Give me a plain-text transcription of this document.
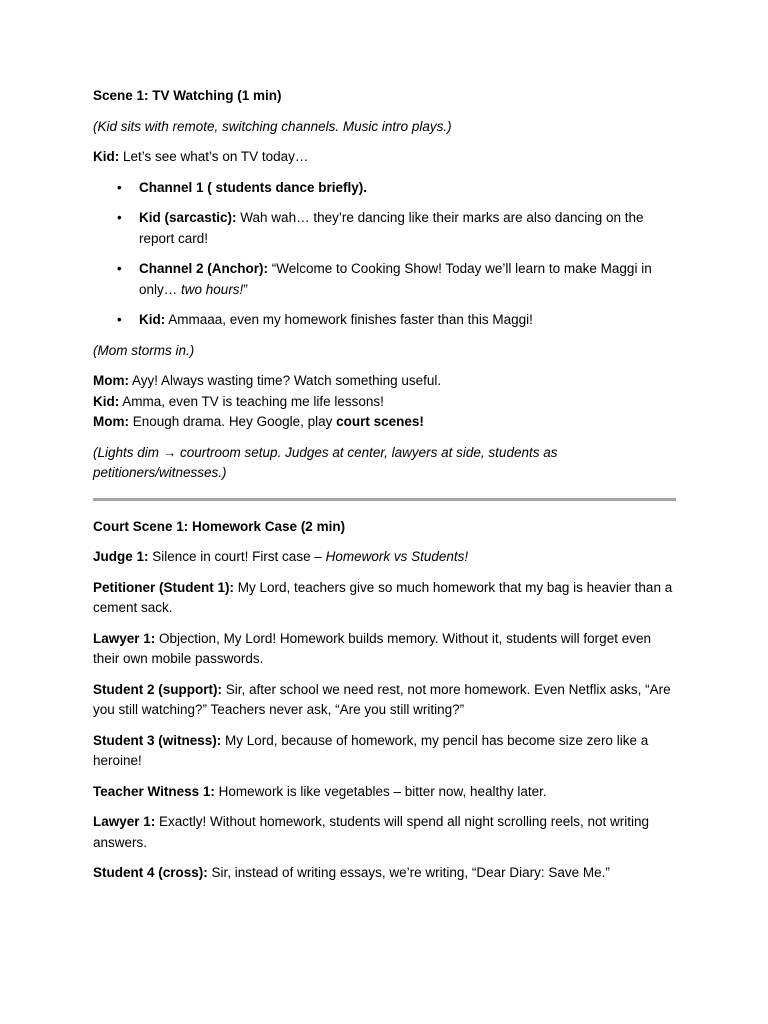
Scene 1: TV Watching (1 min)

(Kid sits with remote, switching channels. Music intro plays.)

Kid: Let’s see what’s on TV today…

• Channel 1 ( students dance briefly).
• Kid (sarcastic): Wah wah… they’re dancing like their marks are also dancing on the report card!
• Channel 2 (Anchor): “Welcome to Cooking Show! Today we’ll learn to make Maggi in only… two hours!”
• Kid: Ammaaa, even my homework finishes faster than this Maggi!

(Mom storms in.)

Mom: Ayy! Always wasting time? Watch something useful.

Kid: Amma, even TV is teaching me life lessons!

Mom: Enough drama. Hey Google, play court scenes!

(Lights dim → courtroom setup. Judges at center, lawyers at side, students as petitioners/witnesses.)

Court Scene 1: Homework Case (2 min)

Judge 1: Silence in court! First case – Homework vs Students!

Petitioner (Student 1): My Lord, teachers give so much homework that my bag is heavier than a cement sack.

Lawyer 1: Objection, My Lord! Homework builds memory. Without it, students will forget even their own mobile passwords.

Student 2 (support): Sir, after school we need rest, not more homework. Even Netflix asks, “Are you still watching?” Teachers never ask, “Are you still writing?”

Student 3 (witness): My Lord, because of homework, my pencil has become size zero like a heroine!

Teacher Witness 1: Homework is like vegetables – bitter now, healthy later.

Lawyer 1: Exactly! Without homework, students will spend all night scrolling reels, not writing answers.

Student 4 (cross): Sir, instead of writing essays, we’re writing, “Dear Diary: Save Me.”
